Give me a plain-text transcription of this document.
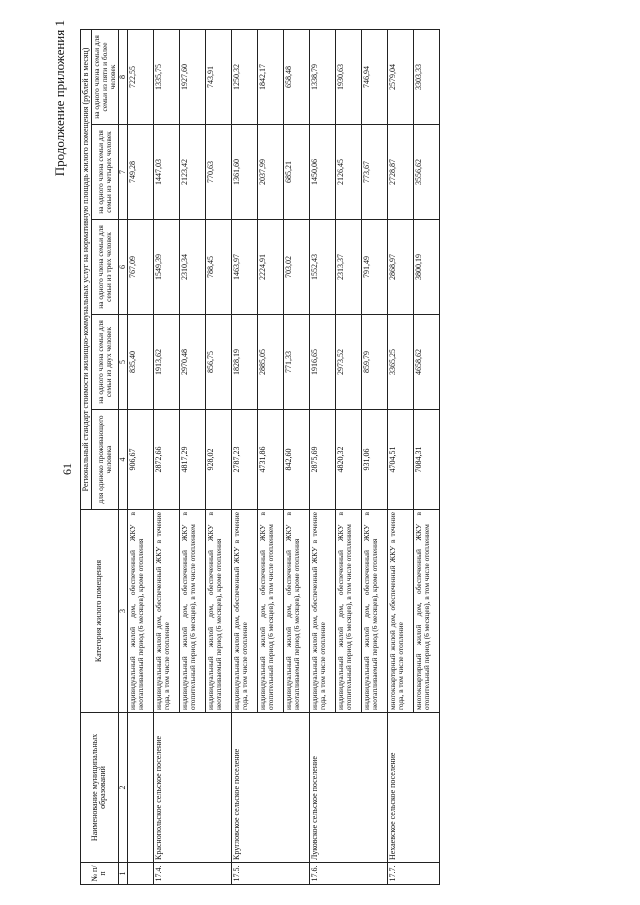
61
Продолжение приложения 1
№ п/п	Наименование муниципальных образований	Категория жилого помещения	Региональный стандарт стоимости жилищно-коммунальных услуг на нормативную площадь жилого помещения (рублей в месяц)				
			для одиноко проживающего человека	на одного члена семьи для семьи из двух человек	на одного члена семьи для семьи из трех человек	на одного члена семьи для семьи из четырех человек	на одного члена семьи для семьи из пяти и более человек
1	2	3	4	5	6	7	8
		индивидуальный жилой дом, обеспеченный ЖКУ в неотапливаемый период (6 месяцев), кроме отопления	906,67	835,40	767,09	749,28	722,55
17.4.	Краснопольское сельское поселение	индивидуальный жилой дом, обеспеченный ЖКУ в течение года, в том числе отопление	2872,66	1913,62	1549,39	1447,03	1335,75
		индивидуальный жилой дом, обеспеченный ЖКУ в отопительный период (6 месяцев), в том числе отоплением	4817,29	2970,48	2310,34	2123,42	1927,60
		индивидуальный жилой дом, обеспеченный ЖКУ в неотапливаемый период (6 месяцев), кроме отопления	928,02	856,75	788,45	770,63	743,91
17.5.	Кругловское сельское поселение	индивидуальный жилой дом, обеспеченный ЖКУ в течение года, в том числе отопление	2787,23	1828,19	1463,97	1361,60	1250,32
		индивидуальный жилой дом, обеспеченный ЖКУ в отопительный период (6 месяцев), в том числе отоплением	4731,86	2885,05	2224,91	2037,99	1842,17
		индивидуальный жилой дом, обеспеченный ЖКУ в неотапливаемый период (6 месяцев), кроме отопления	842,60	771,33	703,02	685,21	658,48
17.6.	Луковское сельское поселение	индивидуальный жилой дом, обеспеченный ЖКУ в течение года, в том числе отопление	2875,69	1916,65	1552,43	1450,06	1338,79
		индивидуальный жилой дом, обеспеченный ЖКУ в отопительный период (6 месяцев), в том числе отоплением	4820,32	2973,52	2313,37	2126,45	1930,63
		индивидуальный жилой дом, обеспеченный ЖКУ в неотапливаемый период (6 месяцев), кроме отопления	931,06	859,79	791,49	773,67	746,94
17.7.	Нехаевское сельское поселение	многоквартирный жилой дом, обеспеченный ЖКУ в течение года, в том числе отопление	4704,51	3365,25	2868,97	2728,87	2579,04
		многоквартирный жилой дом, обеспеченный ЖКУ в отопительный период (6 месяцев), в том числе отоплением	7084,31	4658,62	3800,19	3556,62	3303,33
